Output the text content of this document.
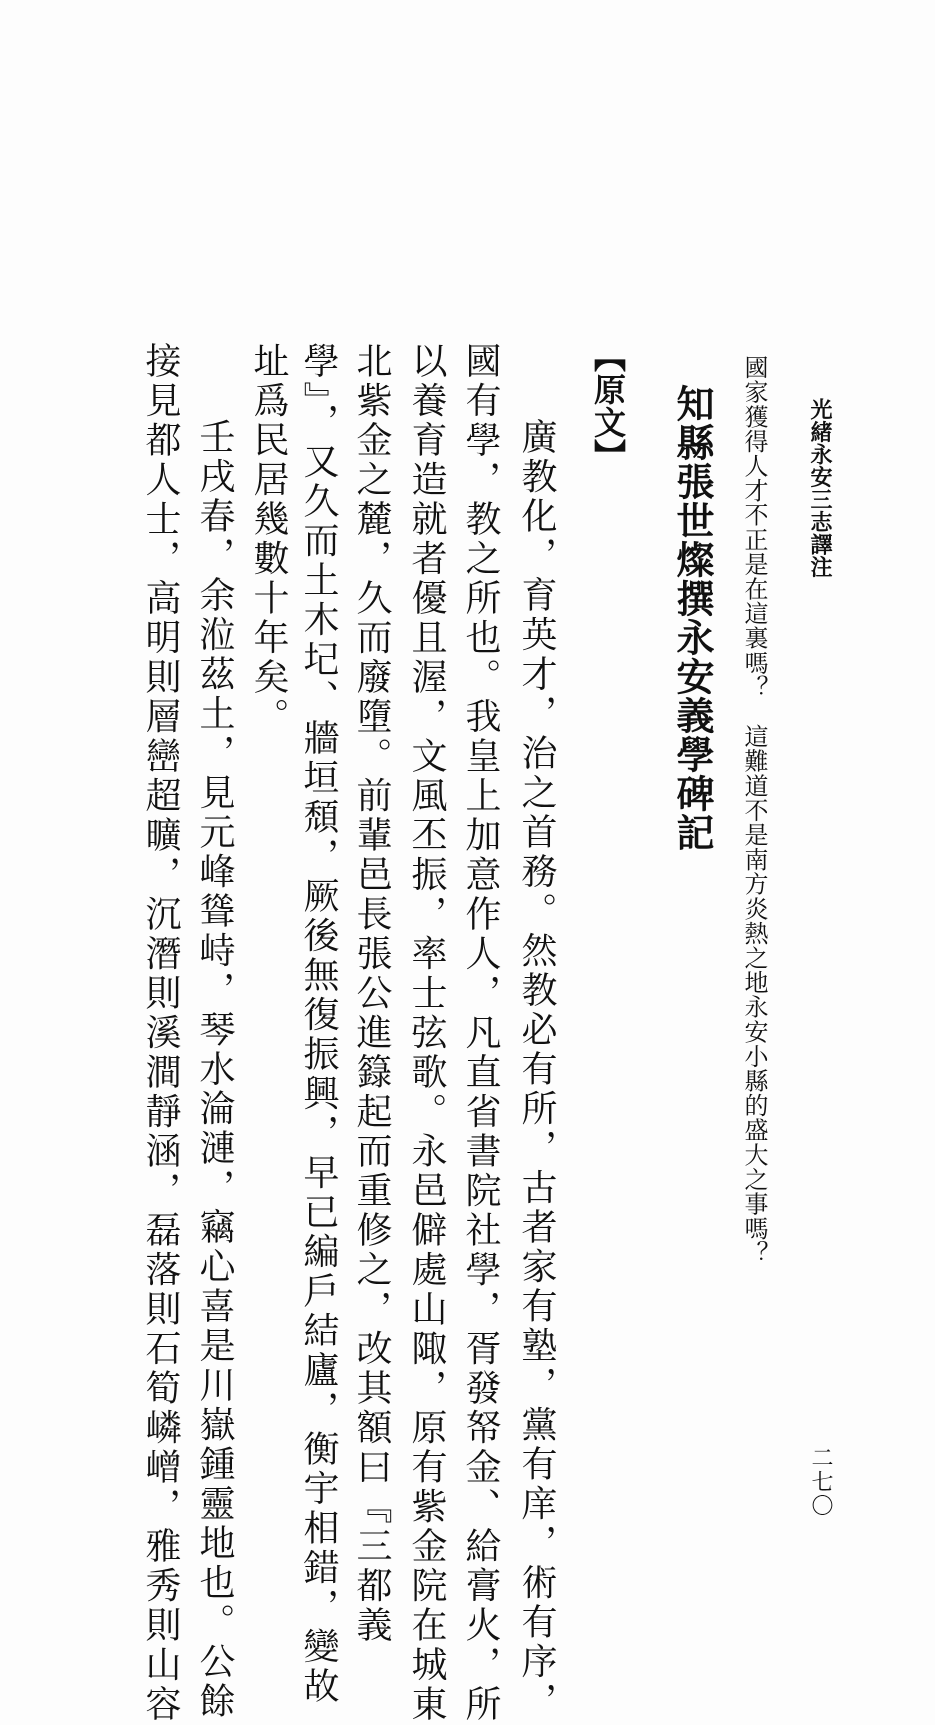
光緒永安三志譯注
二七〇
國家獲得人才不正是在這裏嗎？　這難道不是南方炎熱之地永安小縣的盛大之事嗎？
知縣張世燦撰永安義學碑記
【原文】
廣教化，育英才，治之首務。然教必有所，古者家有塾，黨有庠，術有序，
國有學，教之所也。我皇上加意作人，凡直省書院社學，胥發帑金、給膏火，所
以養育造就者優且渥，文風丕振，率士弦歌。永邑僻處山陬，原有紫金院在城東
北紫金之麓，久而廢墮。前輩邑長張公進籙起而重修之，改其額曰『三都義
學』，又久而土木圮、牆垣頹，厥後無復振興，早已編戶結廬，衡宇相錯，變故
址爲民居幾數十年矣。
壬戌春，余涖茲土，見元峰聳峙，琴水淪漣，竊心喜是川嶽鍾靈地也。公餘
接見都人士，高明則層巒超曠，沉潛則溪澗靜涵，磊落則石筍嶙嶒，雅秀則山容
